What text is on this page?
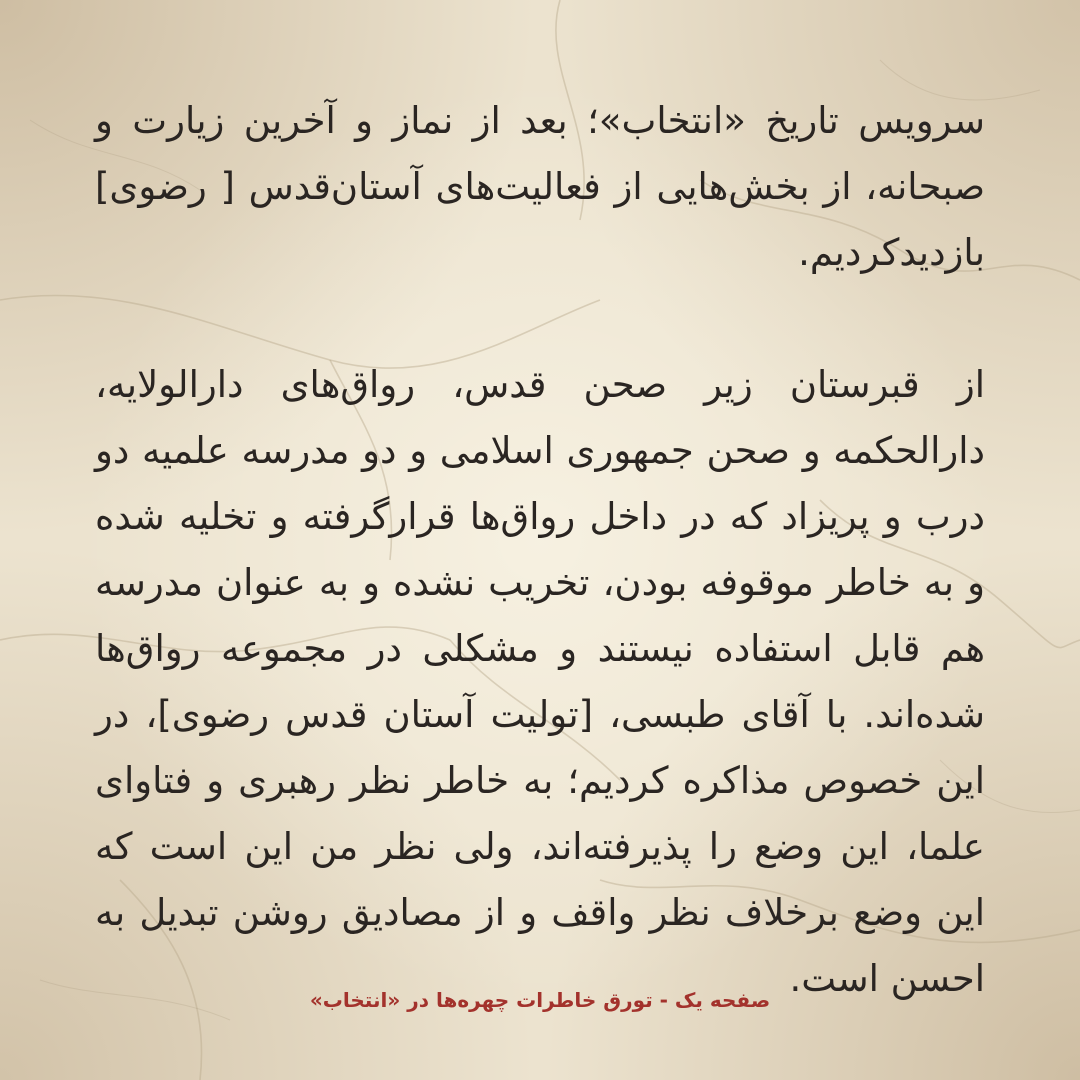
سرویس تاریخ «انتخاب»؛ بعد از نماز و آخرین زیارت و صبحانه، از بخش‌هایی از فعالیت‌های آستان‌قدس [ رضوی] بازدیدکردیم.

از قبرستان زیر صحن قدس، رواق‌های دارالولایه، دارالحکمه و صحن جمهوری اسلامی و دو مدرسه علمیه دو درب و پریزاد که در داخل رواق‌ها قرارگرفته و تخلیه شده و به خاطر موقوفه بودن، تخریب نشده و به عنوان مدرسه هم قابل استفاده نیستند و مشکلی در مجموعه رواق‌ها شده‌اند. با آقای طبسی، [تولیت آستان قدس رضوی]، در این خصوص مذاکره کردیم؛ به خاطر نظر رهبری و فتاوای علما، این وضع را پذیرفته‌اند، ولی نظر من این است که این وضع برخلاف نظر واقف و از مصادیق روشن تبدیل به احسن است.

صفحه یک - تورق خاطرات چهره‌ها در «انتخاب»
